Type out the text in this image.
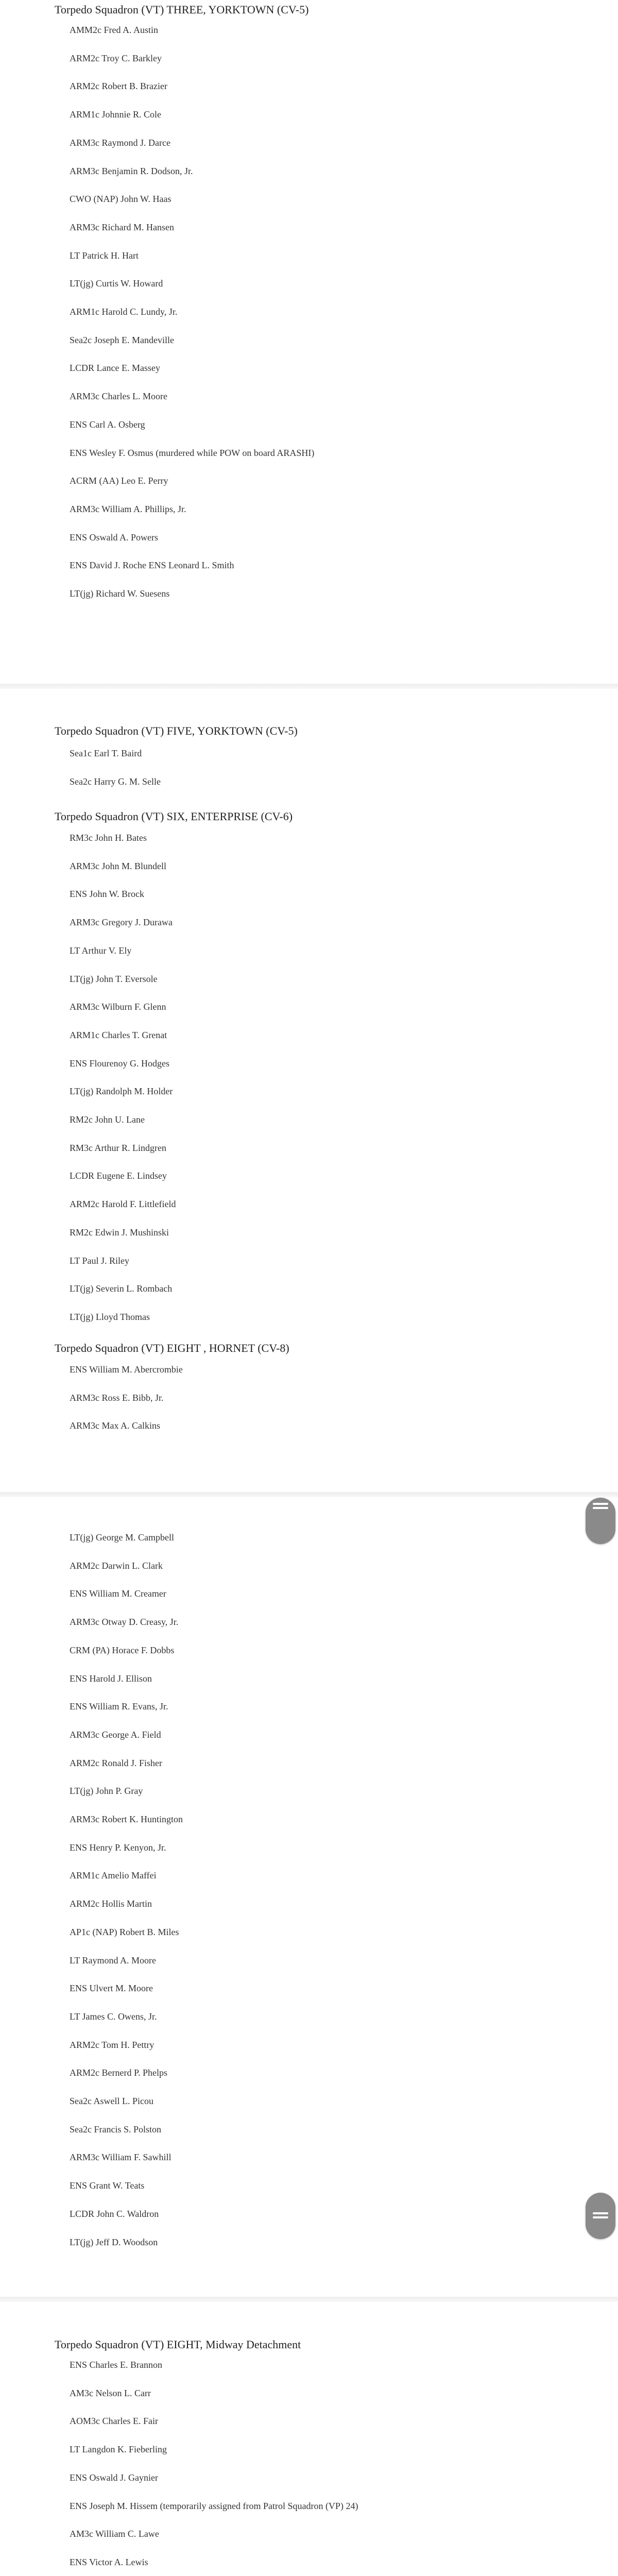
Torpedo Squadron (VT) THREE, YORKTOWN (CV-5)
AMM2c Fred A. Austin
ARM2c Troy C. Barkley
ARM2c Robert B. Brazier
ARM1c Johnnie R. Cole
ARM3c Raymond J. Darce
ARM3c Benjamin R. Dodson, Jr.
CWO (NAP) John W. Haas
ARM3c Richard M. Hansen
LT Patrick H. Hart
LT(jg) Curtis W. Howard
ARM1c Harold C. Lundy, Jr.
Sea2c Joseph E. Mandeville
LCDR Lance E. Massey
ARM3c Charles L. Moore
ENS Carl A. Osberg
ENS Wesley F. Osmus (murdered while POW on board ARASHI)
ACRM (AA) Leo E. Perry
ARM3c William A. Phillips, Jr.
ENS Oswald A. Powers
ENS David J. Roche ENS Leonard L. Smith
LT(jg) Richard W. Suesens
Torpedo Squadron (VT) FIVE, YORKTOWN (CV-5)
Sea1c Earl T. Baird
Sea2c Harry G. M. Selle
Torpedo Squadron (VT) SIX, ENTERPRISE (CV-6)
RM3c John H. Bates
ARM3c John M. Blundell
ENS John W. Brock
ARM3c Gregory J. Durawa
LT Arthur V. Ely
LT(jg) John T. Eversole
ARM3c Wilburn F. Glenn
ARM1c Charles T. Grenat
ENS Flourenoy G. Hodges
LT(jg) Randolph M. Holder
RM2c John U. Lane
RM3c Arthur R. Lindgren
LCDR Eugene E. Lindsey
ARM2c Harold F. Littlefield
RM2c Edwin J. Mushinski
LT Paul J. Riley
LT(jg) Severin L. Rombach
LT(jg) Lloyd Thomas
Torpedo Squadron (VT) EIGHT , HORNET (CV-8)
ENS William M. Abercrombie
ARM3c Ross E. Bibb, Jr.
ARM3c Max A. Calkins
LT(jg) George M. Campbell
ARM2c Darwin L. Clark
ENS William M. Creamer
ARM3c Otway D. Creasy, Jr.
CRM (PA) Horace F. Dobbs
ENS Harold J. Ellison
ENS William R. Evans, Jr.
ARM3c George A. Field
ARM2c Ronald J. Fisher
LT(jg) John P. Gray
ARM3c Robert K. Huntington
ENS Henry P. Kenyon, Jr.
ARM1c Amelio Maffei
ARM2c Hollis Martin
AP1c (NAP) Robert B. Miles
LT Raymond A. Moore
ENS Ulvert M. Moore
LT James C. Owens, Jr.
ARM2c Tom H. Pettry
ARM2c Bernerd P. Phelps
Sea2c Aswell L. Picou
Sea2c Francis S. Polston
ARM3c William F. Sawhill
ENS Grant W. Teats
LCDR John C. Waldron
LT(jg) Jeff D. Woodson
Torpedo Squadron (VT) EIGHT, Midway Detachment
ENS Charles E. Brannon
AM3c Nelson L. Carr
AOM3c Charles E. Fair
LT Langdon K. Fieberling
ENS Oswald J. Gaynier
ENS Joseph M. Hissem (temporarily assigned from Patrol Squadron (VP) 24)
AM3c William C. Lawe
ENS Victor A. Lewis
